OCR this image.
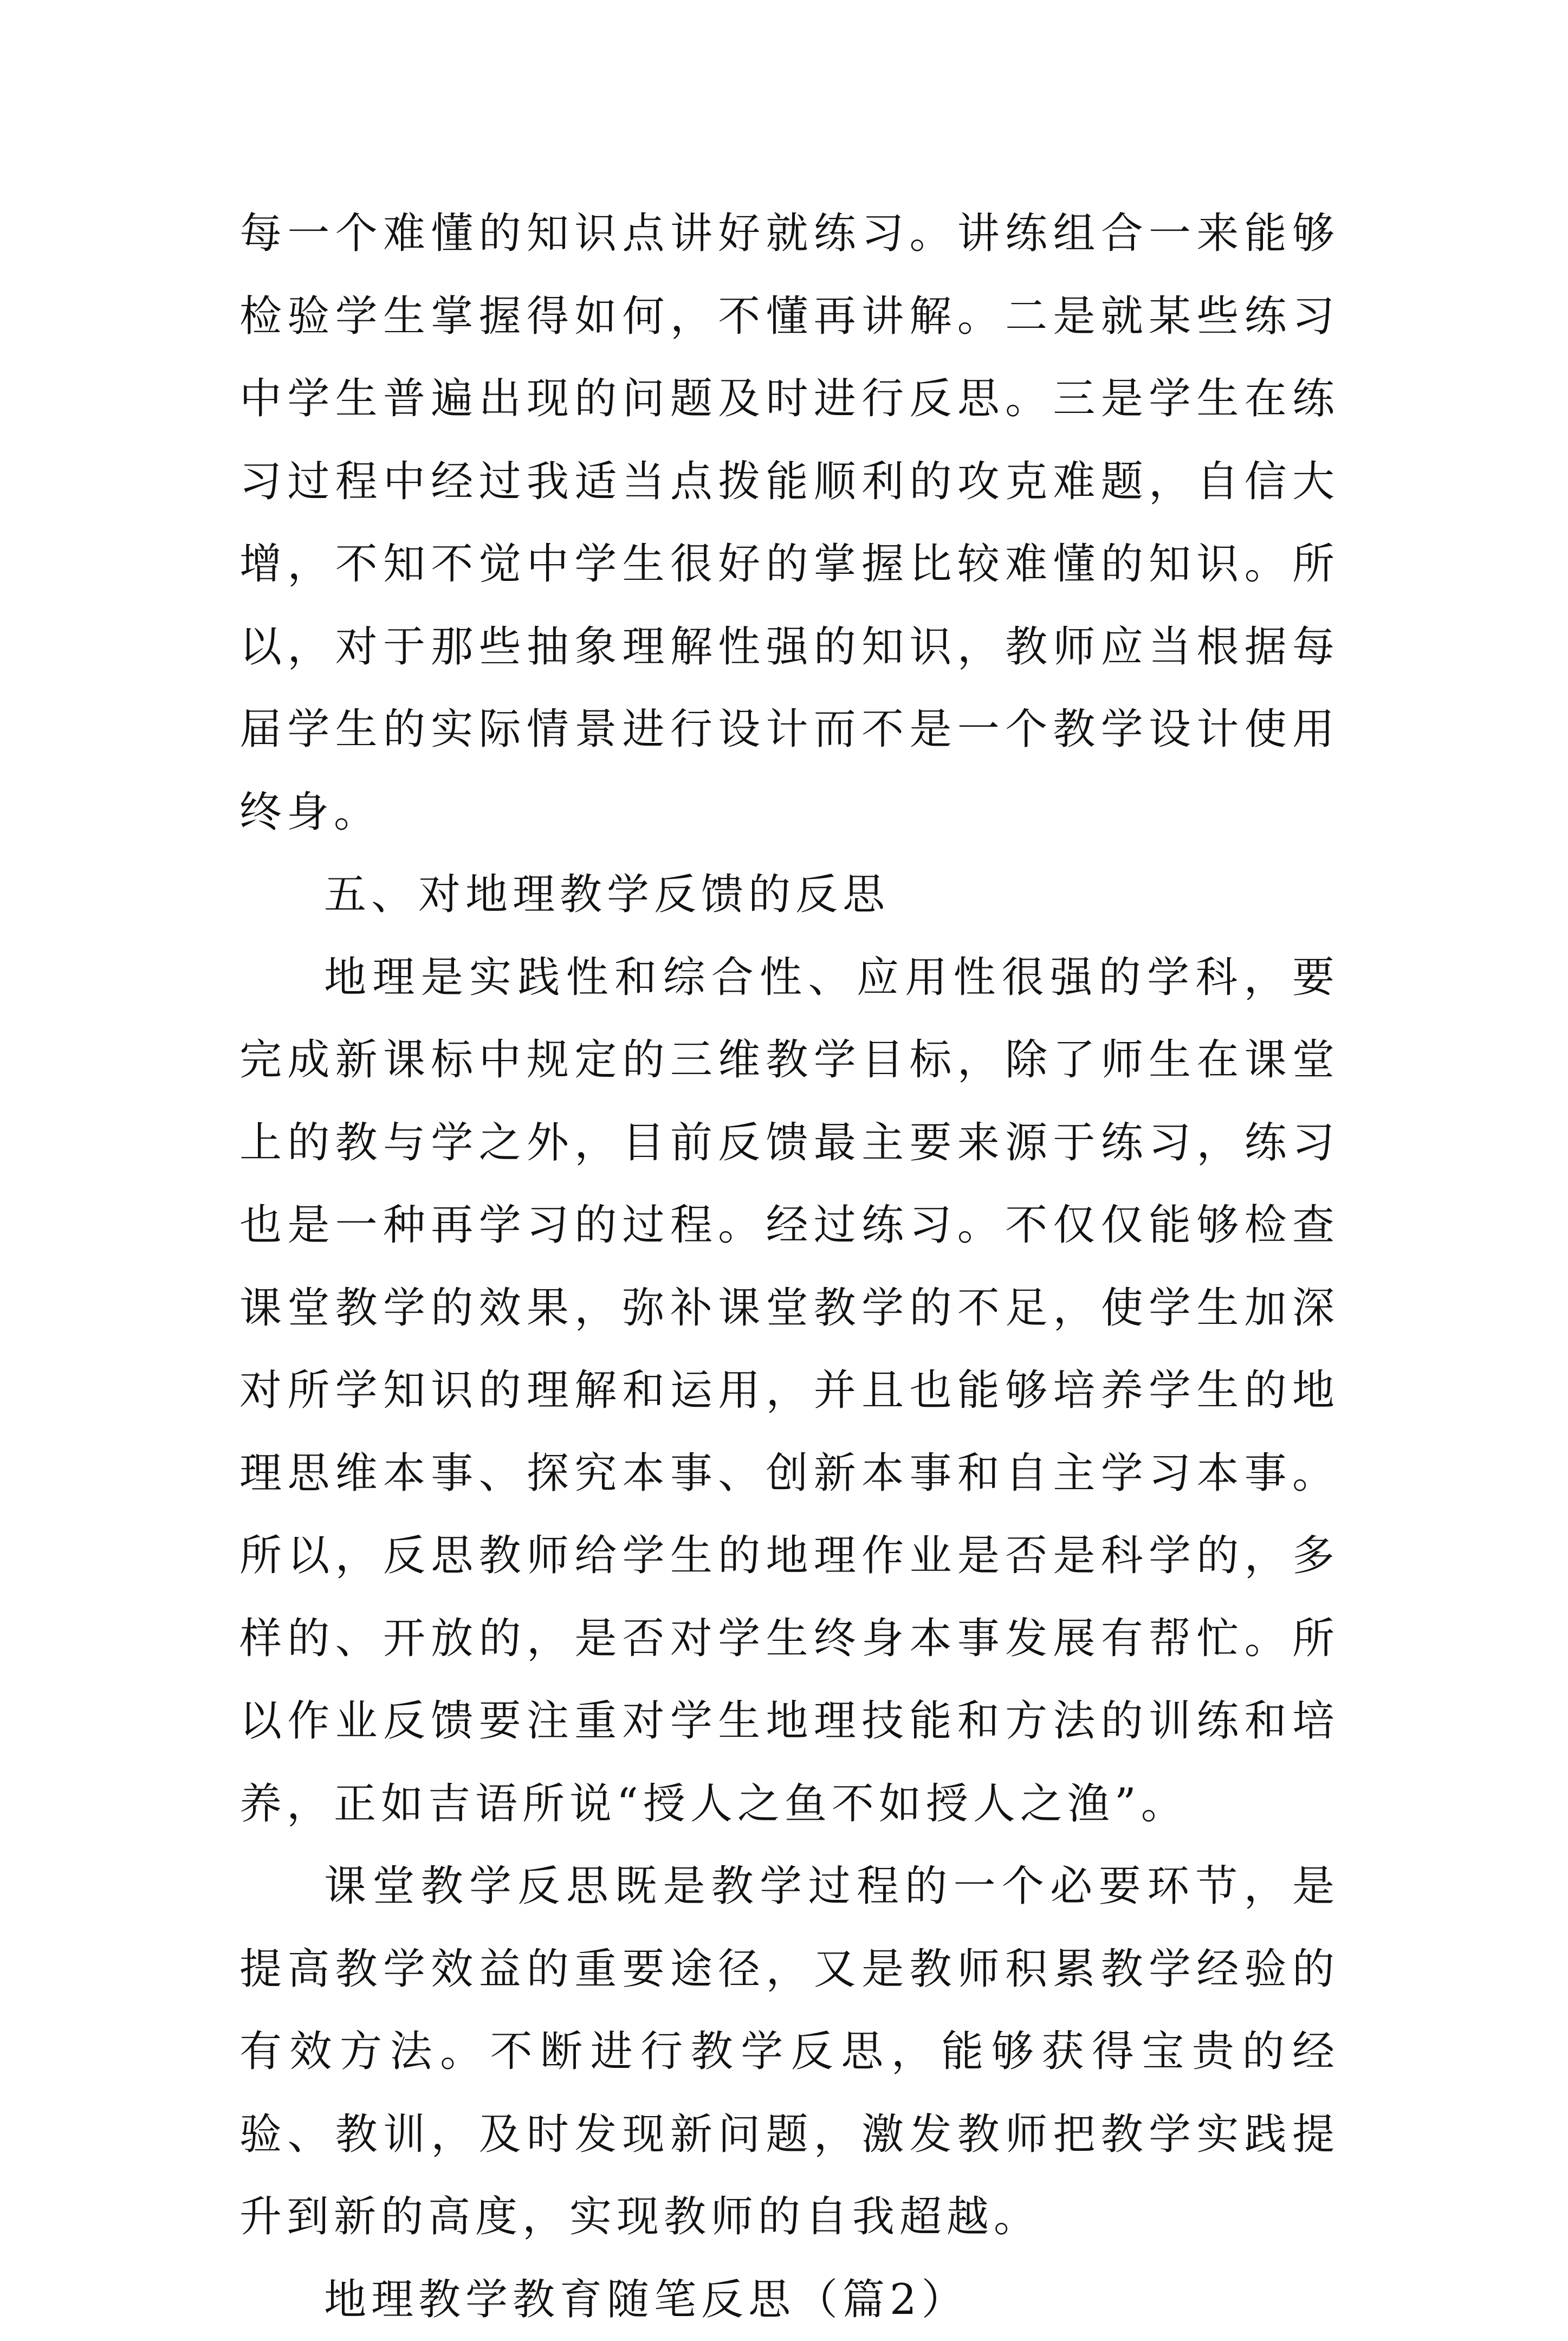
每一个难懂的知识点讲好就练习。讲练组合一来能够检验学生掌握得如何，不懂再讲解。二是就某些练习中学生普遍出现的问题及时进行反思。三是学生在练习过程中经过我适当点拨能顺利的攻克难题，自信大增，不知不觉中学生很好的掌握比较难懂的知识。所以，对于那些抽象理解性强的知识，教师应当根据每届学生的实际情景进行设计而不是一个教学设计使用终身。

五、对地理教学反馈的反思

地理是实践性和综合性、应用性很强的学科，要完成新课标中规定的三维教学目标，除了师生在课堂上的教与学之外，目前反馈最主要来源于练习，练习也是一种再学习的过程。经过练习。不仅仅能够检查课堂教学的效果，弥补课堂教学的不足，使学生加深对所学知识的理解和运用，并且也能够培养学生的地理思维本事、探究本事、创新本事和自主学习本事。所以，反思教师给学生的地理作业是否是科学的，多样的、开放的，是否对学生终身本事发展有帮忙。所以作业反馈要注重对学生地理技能和方法的训练和培养，正如吉语所说“授人之鱼不如授人之渔”。

课堂教学反思既是教学过程的一个必要环节，是提高教学效益的重要途径，又是教师积累教学经验的有效方法。不断进行教学反思，能够获得宝贵的经验、教训，及时发现新问题，激发教师把教学实践提升到新的高度，实现教师的自我超越。

地理教学教育随笔反思（篇2）
